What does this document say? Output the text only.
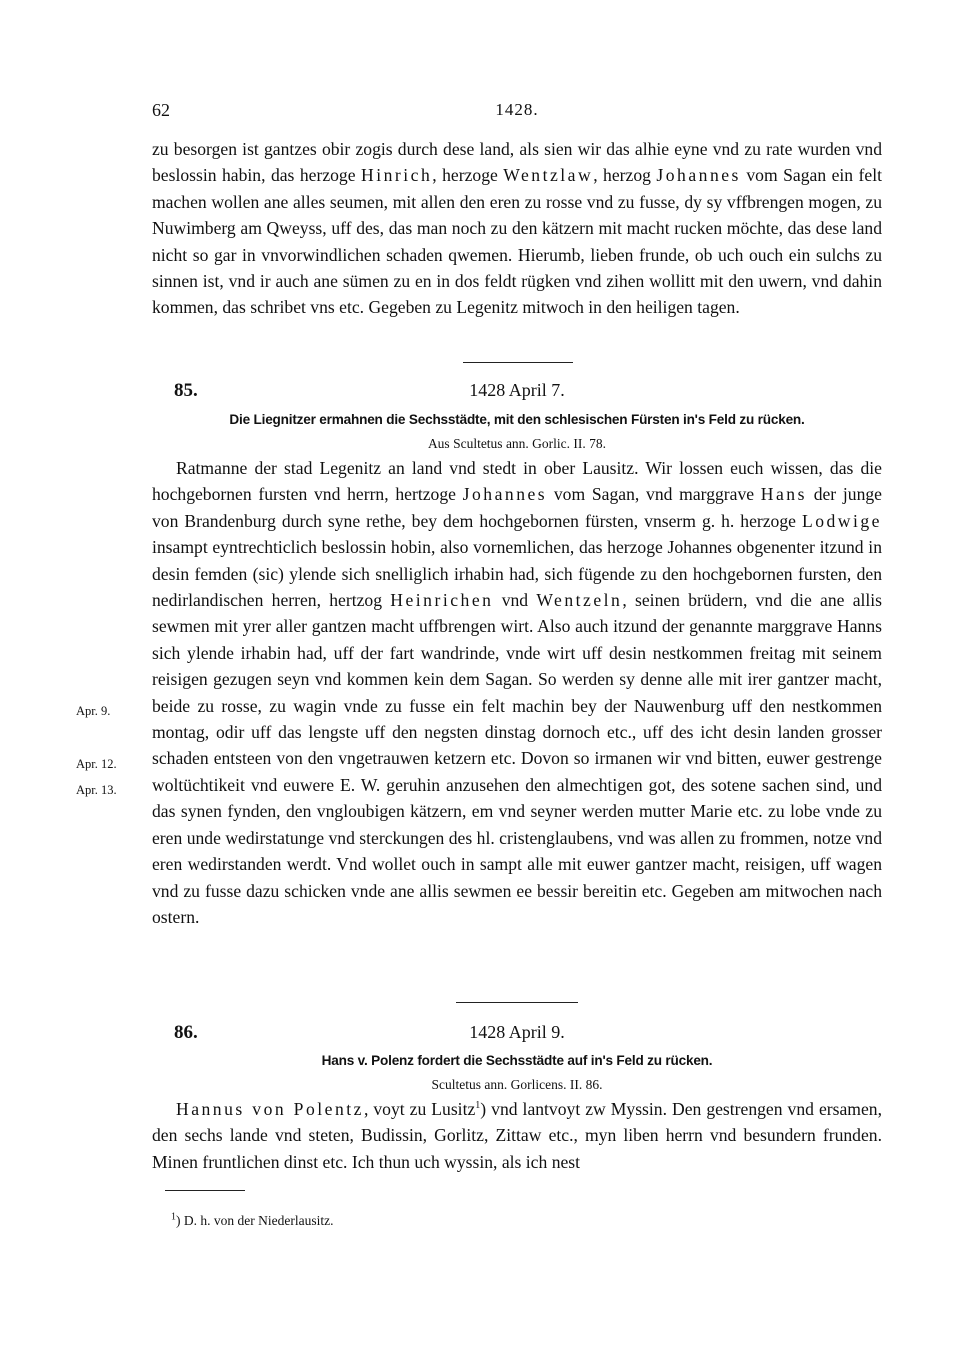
62	1428.

zu besorgen ist gantzes obir zogis durch dese land, als sien wir das alhie eyne vnd zu rate wurden vnd beslossin habin, das herzoge Hinrich, herzoge Wentzlaw, herzog Johannes vom Sagan ein felt machen wollen ane alles seumen, mit allen den eren zu rosse vnd zu fusse, dy sy vffbrengen mogen, zu Nuwimberg am Qweyss, uff des, das man noch zu den kätzern mit macht rucken möchte, das dese land nicht so gar in vnvorwindlichen schaden qwemen. Hierumb, lieben frunde, ob uch ouch ein sulchs zu sinnen ist, vnd ir auch ane sümen zu en in dos feldt rügken vnd zihen wollitt mit den uwern, vnd dahin kommen, das schribet vns etc. Gegeben zu Legenitz mitwoch in den heiligen tagen.

85.	1428 April 7.
Die Liegnitzer ermahnen die Sechsstädte, mit den schlesischen Fürsten in's Feld zu rücken.
Aus Scultetus ann. Gorlic. II. 78.

Ratmanne der stad Legenitz an land vnd stedt in ober Lausitz. Wir lossen euch wissen, das die hochgebornen fursten vnd herrn, hertzoge Johannes vom Sagan, vnd marggrave Hans der junge von Brandenburg durch syne rethe, bey dem hochgebornen fürsten, vnserm g. h. herzoge Lodwige insampt eyntrechticlich beslossin hobin, also vornemlichen, das herzoge Johannes obgenenter itzund in desin femden (sic) ylende sich snelliglich irhabin had, sich fügende zu den hochgebornen fursten, den nedirlandischen herren, hertzog Heinrichen vnd Wentzeln, seinen brüdern, vnd die ane allis sewmen mit yrer aller gantzen macht uffbrengen wirt. Also auch itzund der genannte marggrave Hanns sich ylende irhabin had, uff der fart wandrinde, vnde wirt uff desin nestkommen freitag mit seinem reisigen gezugen seyn vnd kommen kein dem Sagan. So werden sy denne alle mit irer gantzer macht, beide zu rosse, zu wagin vnde zu fusse ein felt machin bey der Nauwenburg uff den nestkommen montag, odir uff das lengste uff den negsten dinstag dornoch etc., uff des icht desin landen grosser schaden entsteen von den vngetrauwen ketzern etc. Dovon so irmanen wir vnd bitten, euwer gestrenge woltüchtikeit vnd euwere E. W. geruhin anzusehen den almechtigen got, des sotene sachen sind, und das synen fynden, den vngloubigen kätzern, em vnd seyner werden mutter Marie etc. zu lobe vnde zu eren unde wedirstatunge vnd sterckungen des hl. cristenglaubens, vnd was allen zu frommen, notze vnd eren wedirstanden werdt. Vnd wollet ouch in sampt alle mit euwer gantzer macht, reisigen, uff wagen vnd zu fusse dazu schicken vnde ane allis sewmen ee bessir bereitin etc. Gegeben am mitwochen nach ostern.

Apr. 9.
Apr. 12.
Apr. 13.
86.	1428 April 9.
Hans v. Polenz fordert die Sechsstädte auf in's Feld zu rücken.
Scultetus ann. Gorlicens. II. 86.

Hannus von Polentz, voyt zu Lusitz$^1$) vnd lantvoyt zw Myssin. Den gestrengen vnd ersamen, den sechs lande vnd steten, Budissin, Gorlitz, Zittaw etc., myn liben herrn vnd besundern frunden. Minen fruntlichen dinst etc. Ich thun uch wyssin, als ich nest

$^1$) D. h. von der Niederlausitz.
